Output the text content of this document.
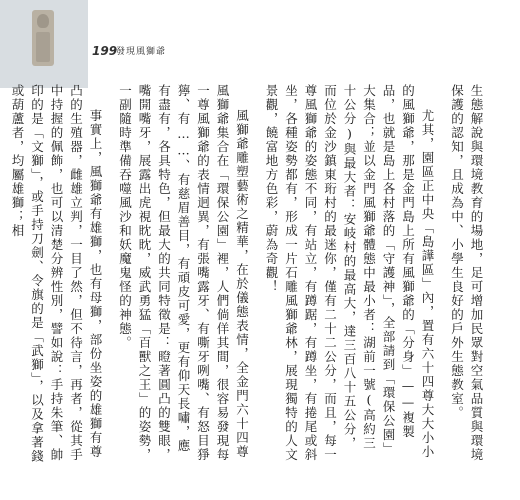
199
發現風獅爺

生態解說與環境教育的場地，足可增加民眾對空氣品質與環境保護的認知，且成為中、小學生良好的戶外生態教室。

尤其，園區正中央「島譁區」內，置有六十四尊大大小小的風獅爺，那是金門島上所有風獅爺的「分身」——複製品，也就是島上各村落的「守護神」，全部請到「環保公園」大集合；並以金門風獅爺體態中最小者：湖前一號(高約三十公分)與最大者：安岐村的最高大，達三百八十五公分，而位於金沙鎮東珩村的最迷你，僅有二十二公分，而且，每一尊風獅爺的姿態不同，有站立，有蹲踞，有蹲坐，有捲尾或斜坐，各種姿勢都有，形成一片石雕風獅爺林，展現獨特的人文景觀，饒富地方色彩，蔚為奇觀！

風獅爺雕塑藝術之精華，在於儀態表情，全金門六十四尊風獅爺集合在「環保公園」裡，人們倘佯其間，很容易發現每一尊風獅爺的表情迥異，有張嘴露牙、有嘶牙咧嘴、有怒目猙獰、有……、有慈眉善目，有頑皮可愛，更有仰天長嘯，應有盡有，各具特色，但最大的共同特徵是：瞪著圓凸的雙眼，嘴開嘴牙，展露出虎視眈眈，威武勇猛「百獸之王」的姿勢，一副隨時準備吞噬風沙和妖魔鬼怪的神態。

事實上，風獅爺有雄獅，也有母獅，部份坐姿的雄獅有尊凸的生殖器，雌雄立判，一目了然，但不待言，再者，從其手中持握的佩飾，也可以清楚分辨性別，譬如說：手持朱筆、帥印的是「文獅」，或手持刀劍、令旗的是「武獅」，以及拿著錢或葫蘆者，均屬雄獅；相
